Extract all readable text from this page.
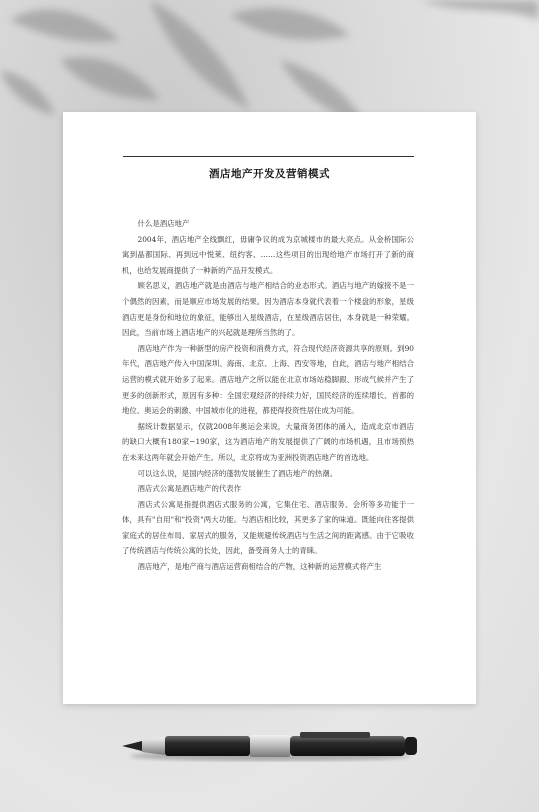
酒店地产开发及营销模式

什么是酒店地产

2004年，酒店地产全线飘红，毋庸争议的成为京城楼市的最大亮点。从金桥国际公寓到晶都国际、再到远中悦莱、纽约客、……这些项目的出现给地产市场打开了新的商机，也给发展商提供了一种新的产品开发模式。

顾名思义，酒店地产就是由酒店与地产相结合的业态形式。酒店与地产的嫁接不是一个偶然的因素，而是顺应市场发展的结果。因为酒店本身就代表着一个楼盘的形象，星级酒店更是身份和地位的象征，能够出入星级酒店，在星级酒店居住，本身就是一种荣耀。因此，当前市场上酒店地产的兴起就是理所当然的了。

酒店地产作为一种新型的房产投资和消费方式，符合现代经济资源共享的原则。到90年代，酒店地产传入中国深圳、海南、北京、上海、西安等地，自此，酒店与地产相结合运营的模式就开始多了起来。酒店地产之所以能在北京市场站稳脚跟、形成气候并产生了更多的创新形式，原因有多种：全国宏观经济的持续力好，国民经济的连续增长、首都的地位、奥运会的刺激、中国城市化的进程，都使得投资性居住成为可能。

据统计数据显示，仅就2008年奥运会来说，大量商务团体的涌入，造成北京市酒店的缺口大概有180家~190家，这为酒店地产的发展提供了广阔的市场机遇，且市场预热在未来这两年就会开始产生。所以，北京将成为亚洲投资酒店地产的首选地。

可以这么说，是国内经济的蓬勃发展催生了酒店地产的热潮。

酒店式公寓是酒店地产的代表作

酒店式公寓是指提供酒店式服务的公寓，它集住宅、酒店服务、会所等多功能于一体，具有"自用"和"投资"两大功能。与酒店相比较，其更多了家的味道。既能向住客提供家庭式的居住布局、家居式的服务，又能规避传统酒店与生活之间的距离感。由于它吸收了传统酒店与传统公寓的长处，因此，备受商务人士的青睐。

酒店地产，是地产商与酒店运营商相结合的产物，这种新的运营模式将产生
